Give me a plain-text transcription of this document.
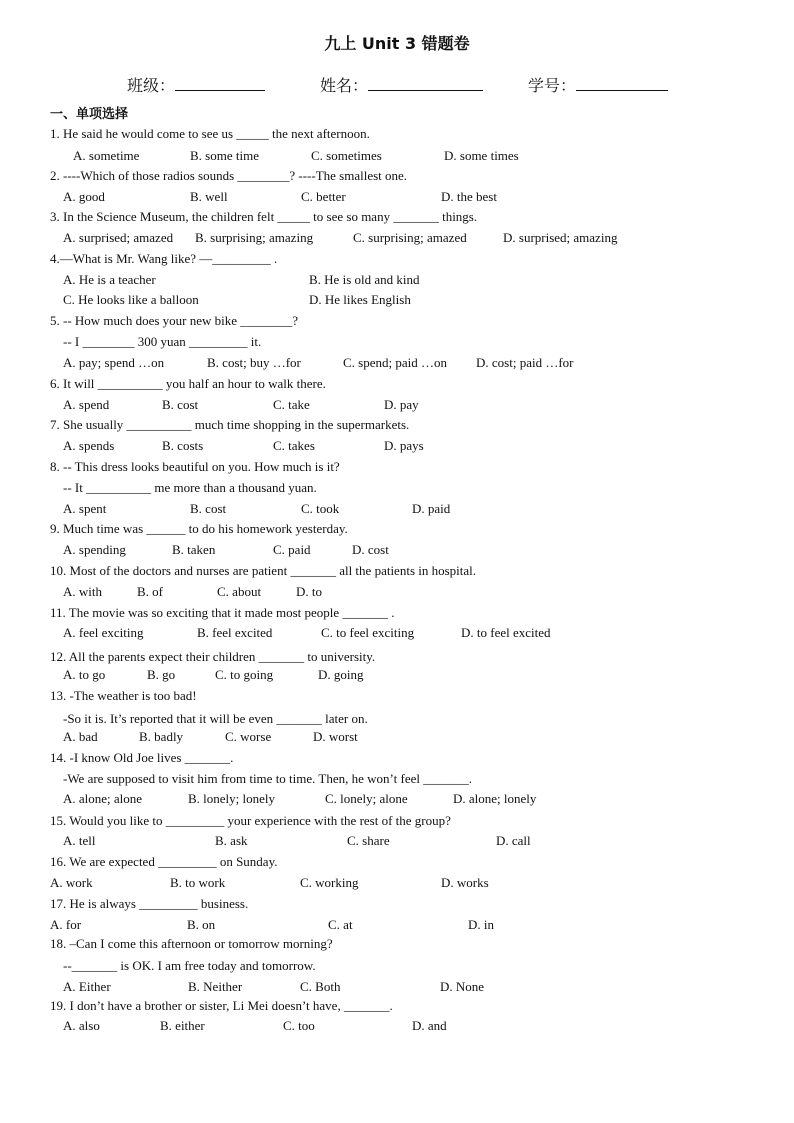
九上 Unit 3 错题卷
班级：	姓名：	学号：
一、单项选择
1. He said he would come to see us _____ the next afternoon.
A. sometime	B. some time	C. sometimes	D. some times
2. ----Which of those radios sounds ________? ----The smallest one.
A. good	B. well	C. better	D. the best
3. In the Science Museum, the children felt _____ to see so many _______ things.
A. surprised; amazed B. surprising; amazing	C. surprising; amazed	D. surprised; amazing
4.—What is Mr. Wang like? —_________ .
A. He is a teacher	B. He is old and kind
C. He looks like a balloon	D. He likes English
5. -- How much does your new bike ________?
-- I ________ 300 yuan _________ it.
A. pay; spend …on	B. cost; buy …for	C. spend; paid …on D. cost; paid …for
6. It will __________ you half an hour to walk there.
A. spend	B. cost	C. take	D. pay
7. She usually __________ much time shopping in the supermarkets.
A. spends	B. costs	C. takes	D. pays
8. -- This dress looks beautiful on you. How much is it?
-- It __________ me more than a thousand yuan.
A. spent	B. cost	C. took	D. paid
9. Much time was ______ to do his homework yesterday.
A. spending	B. taken	C. paid	D. cost
10. Most of the doctors and nurses are patient _______ all the patients in hospital.
A. with	B. of	C. about	D. to
11. The movie was so exciting that it made most people _______ .
A. feel exciting	B. feel excited	C. to feel exciting	D. to feel excited
12. All the parents expect their children _______ to university.
A. to go	B. go	C. to going	D. going
13. -The weather is too bad!
-So it is. It’s reported that it will be even _______ later on.
A. bad	B. badly	C. worse	D. worst
14. -I know Old Joe lives _______.
-We are supposed to visit him from time to time. Then, he won’t feel _______.
A. alone; alone	B. lonely; lonely	C. lonely; alone	D. alone; lonely
15. Would you like to _________ your experience with the rest of the group?
A. tell	B. ask	C. share	D. call
16. We are expected _________ on Sunday.
A. work	B. to work	C. working	D. works
17. He is always _________ business.
A. for	B. on	C. at	D. in
18. –Can I come this afternoon or tomorrow morning?
--_______ is OK. I am free today and tomorrow.
A. Either	B. Neither	C. Both	D. None
19. I don’t have a brother or sister, Li Mei doesn’t have, _______.
A. also	B. either	C. too	D. and
